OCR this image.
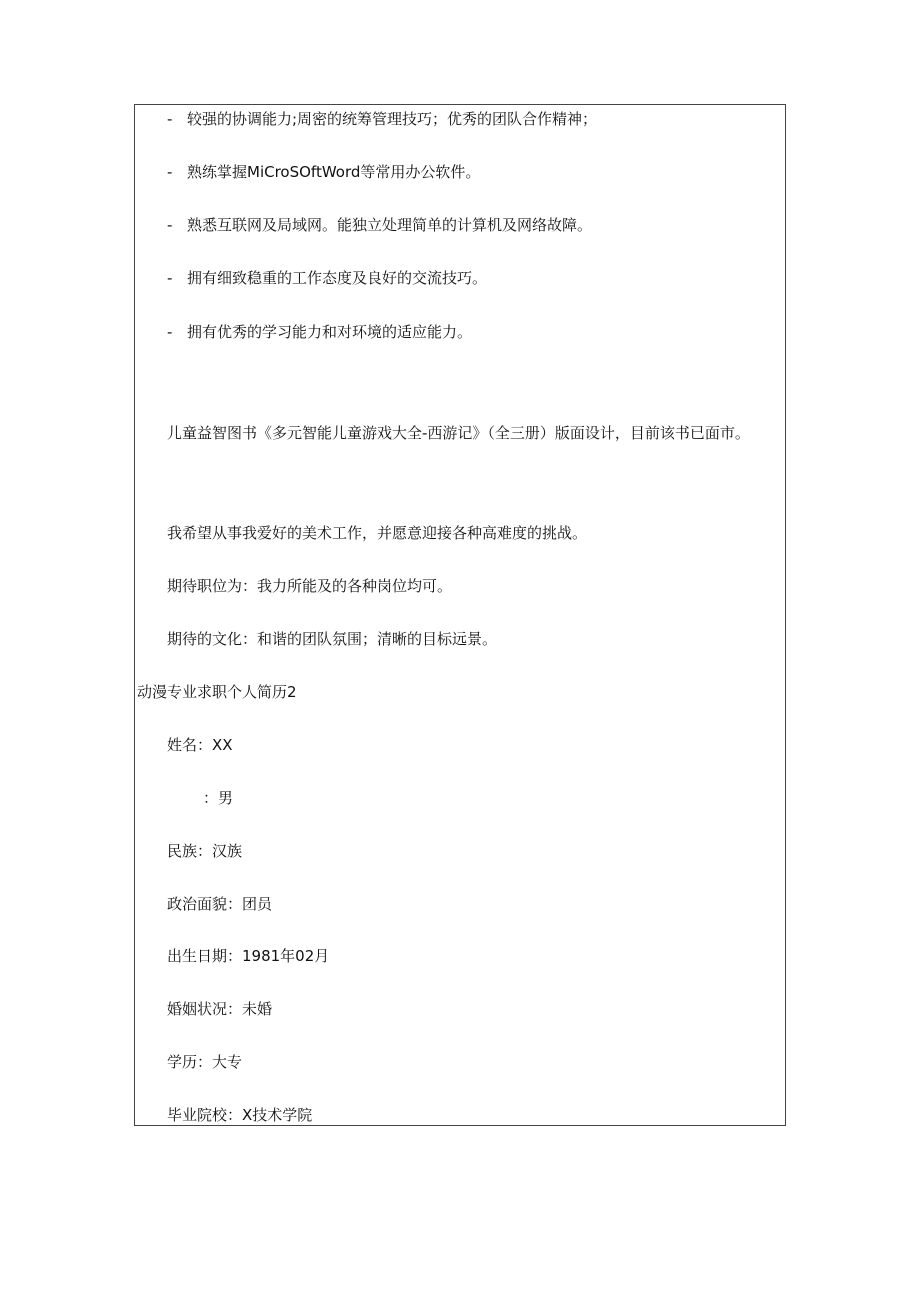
- 较强的协调能力;周密的统筹管理技巧；优秀的团队合作精神；
- 熟练掌握MiCroSOftWord等常用办公软件。
- 熟悉互联网及局域网。能独立处理简单的计算机及网络故障。
- 拥有细致稳重的工作态度及良好的交流技巧。
- 拥有优秀的学习能力和对环境的适应能力。
儿童益智图书《多元智能儿童游戏大全-西游记》（全三册）版面设计，目前该书已面市。
我希望从事我爱好的美术工作，并愿意迎接各种高难度的挑战。
期待职位为：我力所能及的各种岗位均可。
期待的文化：和谐的团队氛围；清晰的目标远景。
动漫专业求职个人简历2
姓名：XX
：男
民族：汉族
政治面貌：团员
出生日期：1981年02月
婚姻状况：未婚
学历：大专
毕业院校：X技术学院
